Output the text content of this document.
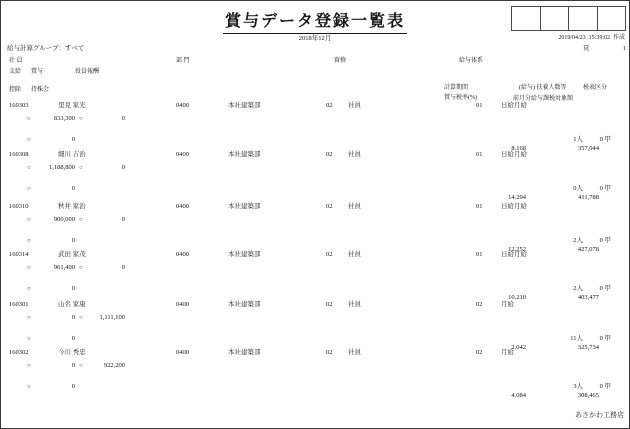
賞与データ登録一覧表
2018年12月	2019/04/23  15:39:02  作成
給与計算グループ：すべて	頁	1
社 員	部 門	資格	給与体系
支給 賞与	役員報酬
控除 持株会	計算期間	(給与) 扶養人数等	税表区分
賞与税率(%)	前月分給与課税対象額
160303	里見 家光	0400	本社建築部	02 社員	01	日給月給
○	833,300 ○	0
○	0	1人	0 甲
8.168	357,044
160308	細川 吉治	0400	本社建築部	02 社員	01	日給月給
○	1,188,800 ○	0
○	0	0人	0 甲
14.294	411,788
160310	秋井 家治	0400	本社建築部	02 社員	01	日給月給
○	900,000 ○	0
○	0	2人	0 甲
12.252	427,078
160314	武田 家茂	0400	本社建築部	02 社員	01	日給月給
○	961,400 ○	0
○	0	2人	0 甲
10.210	403,477
160301	山名 家康	0400	本社建築部	02 社員	02	月給
○	0 ○	1,111,100
○	0	11人	0 甲
2.042	325,734
160302	今川 秀忠	0400	本社建築部	02 社員	02	月給
○	0 ○	922,200
○	0	3人	0 甲
4.084	308,465
あさかわ工務店
